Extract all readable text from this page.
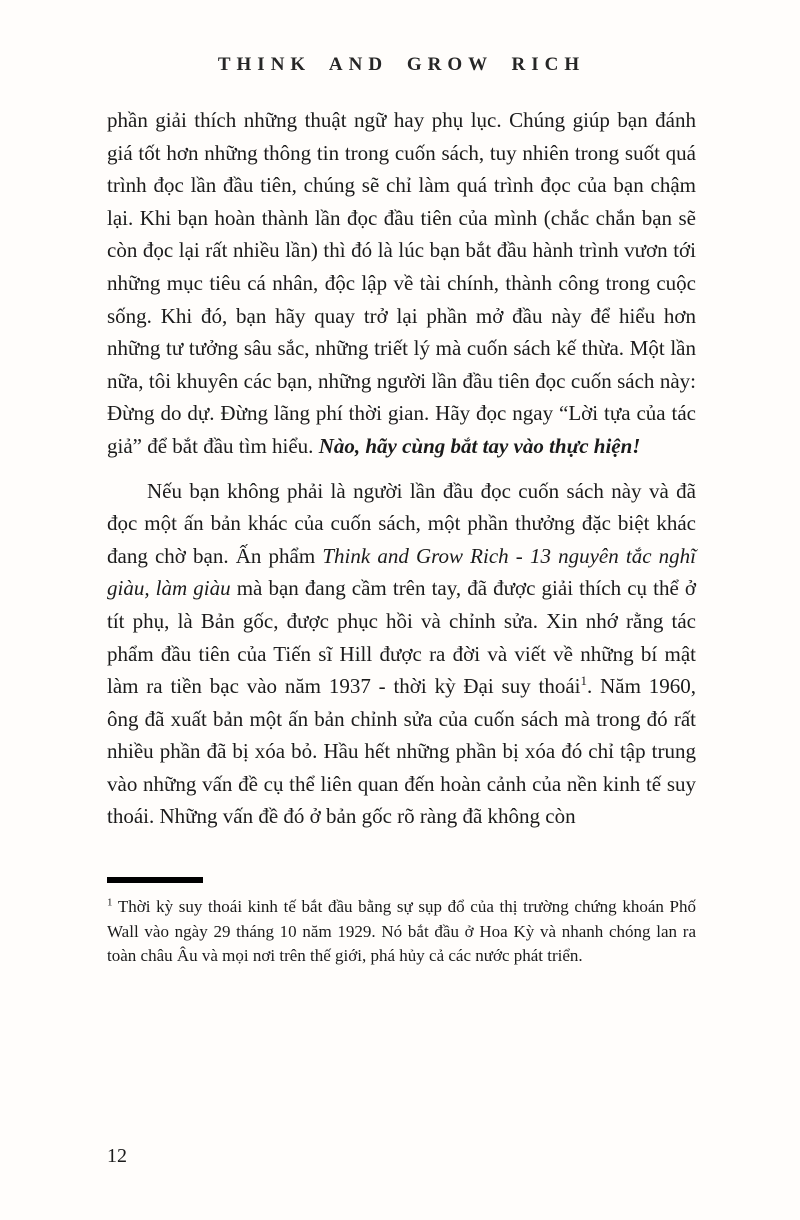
THINK AND GROW RICH

phần giải thích những thuật ngữ hay phụ lục. Chúng giúp bạn đánh giá tốt hơn những thông tin trong cuốn sách, tuy nhiên trong suốt quá trình đọc lần đầu tiên, chúng sẽ chỉ làm quá trình đọc của bạn chậm lại. Khi bạn hoàn thành lần đọc đầu tiên của mình (chắc chắn bạn sẽ còn đọc lại rất nhiều lần) thì đó là lúc bạn bắt đầu hành trình vươn tới những mục tiêu cá nhân, độc lập về tài chính, thành công trong cuộc sống. Khi đó, bạn hãy quay trở lại phần mở đầu này để hiểu hơn những tư tưởng sâu sắc, những triết lý mà cuốn sách kế thừa. Một lần nữa, tôi khuyên các bạn, những người lần đầu tiên đọc cuốn sách này: Đừng do dự. Đừng lãng phí thời gian. Hãy đọc ngay “Lời tựa của tác giả” để bắt đầu tìm hiểu. Nào, hãy cùng bắt tay vào thực hiện!

Nếu bạn không phải là người lần đầu đọc cuốn sách này và đã đọc một ấn bản khác của cuốn sách, một phần thưởng đặc biệt khác đang chờ bạn. Ấn phẩm Think and Grow Rich - 13 nguyên tắc nghĩ giàu, làm giàu mà bạn đang cầm trên tay, đã được giải thích cụ thể ở tít phụ, là Bản gốc, được phục hồi và chỉnh sửa. Xin nhớ rằng tác phẩm đầu tiên của Tiến sĩ Hill được ra đời và viết về những bí mật làm ra tiền bạc vào năm 1937 - thời kỳ Đại suy thoái$^1$. Năm 1960, ông đã xuất bản một ấn bản chỉnh sửa của cuốn sách mà trong đó rất nhiều phần đã bị xóa bỏ. Hầu hết những phần bị xóa đó chỉ tập trung vào những vấn đề cụ thể liên quan đến hoàn cảnh của nền kinh tế suy thoái. Những vấn đề đó ở bản gốc rõ ràng đã không còn

$^1$ Thời kỳ suy thoái kinh tế bắt đầu bằng sự sụp đổ của thị trường chứng khoán Phố Wall vào ngày 29 tháng 10 năm 1929. Nó bắt đầu ở Hoa Kỳ và nhanh chóng lan ra toàn châu Âu và mọi nơi trên thế giới, phá hủy cả các nước phát triển.
12
